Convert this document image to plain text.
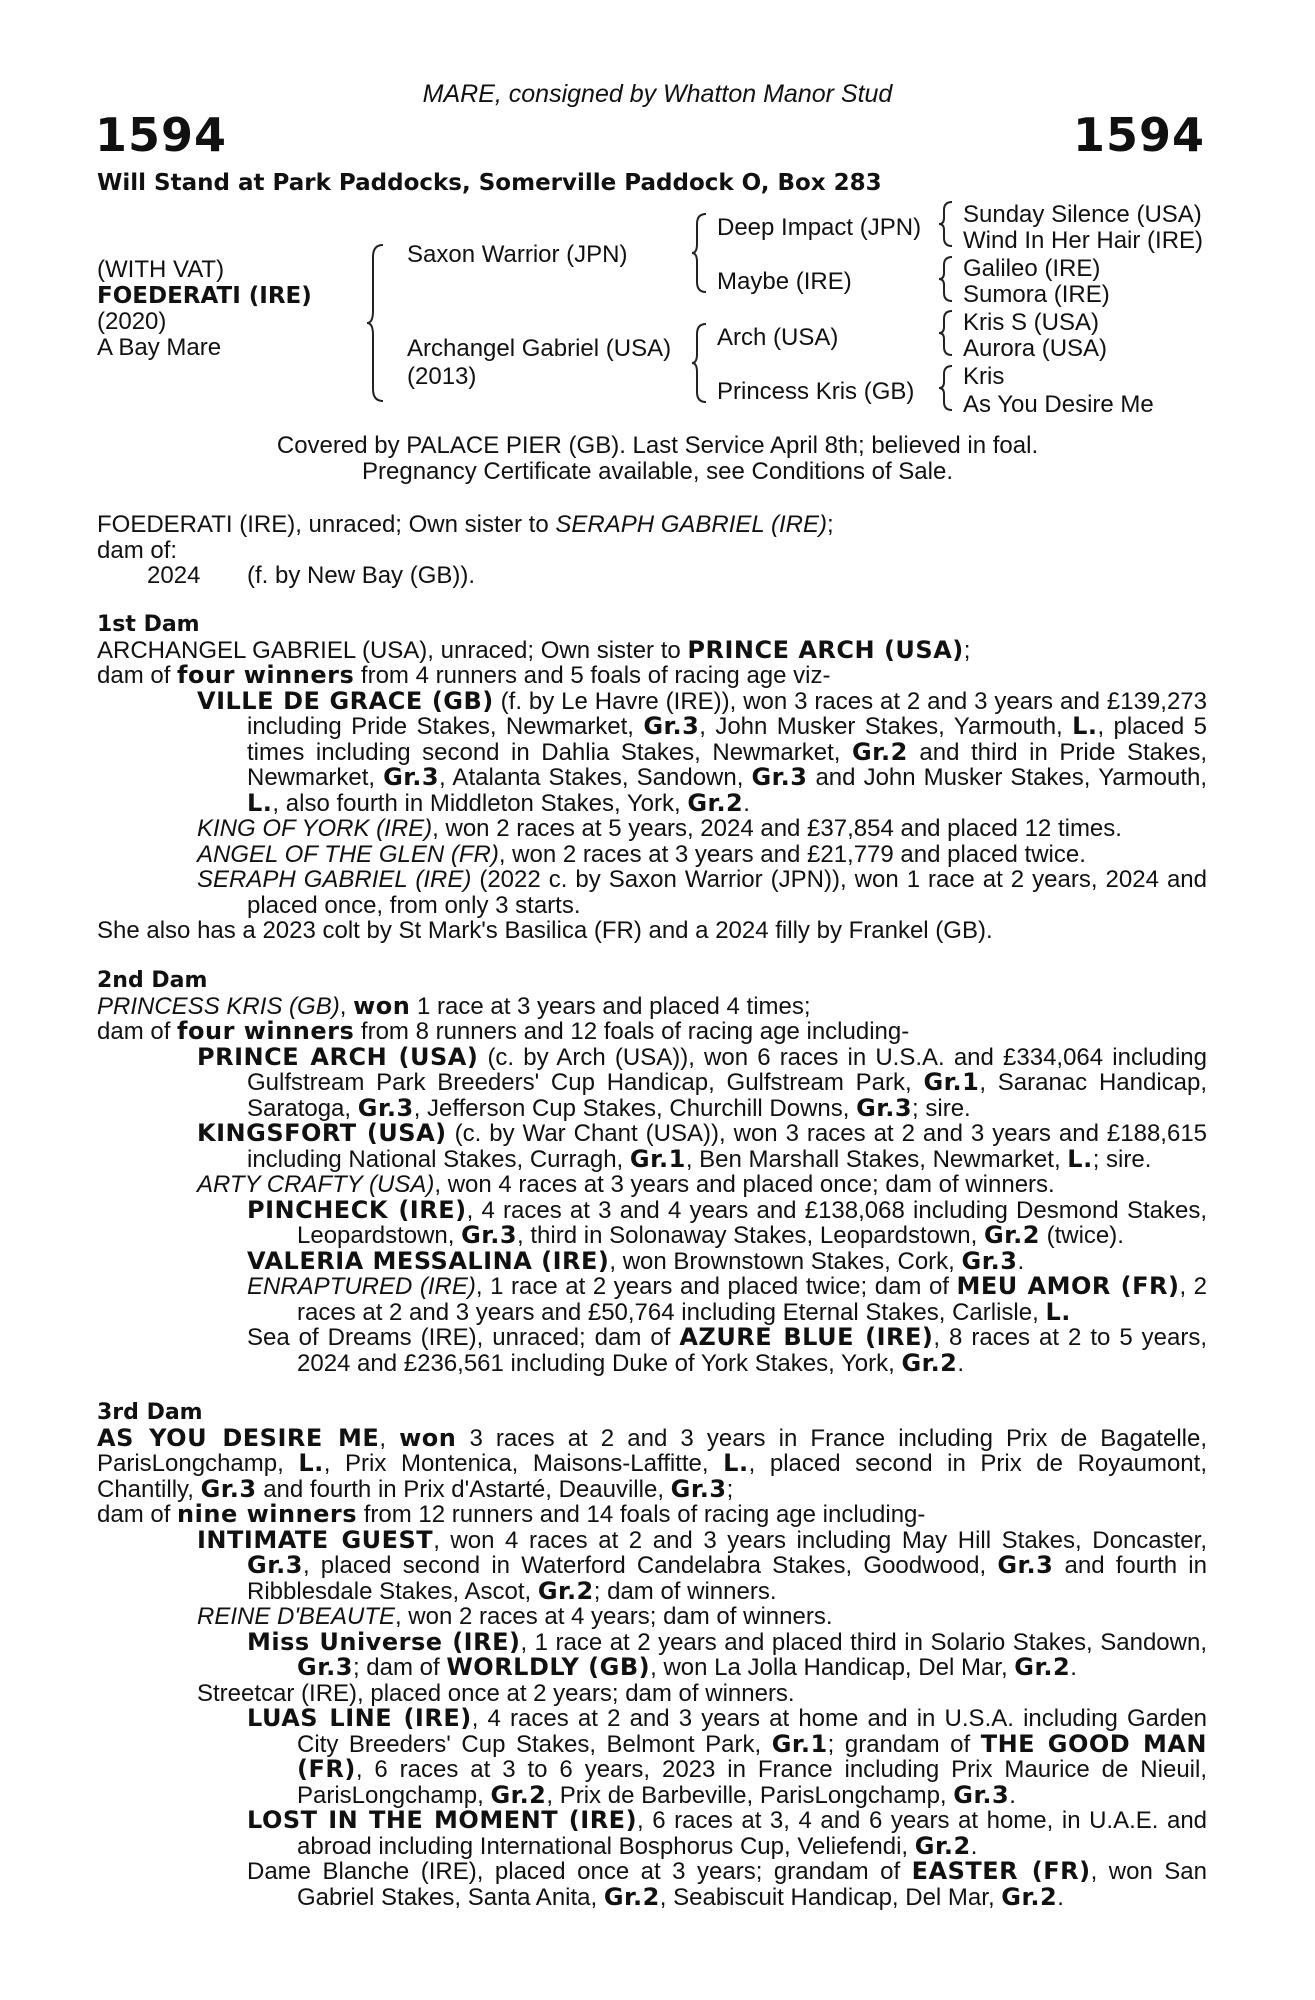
MARE, consigned by Whatton Manor Stud
1594	1594
Will Stand at Park Paddocks, Somerville Paddock O, Box 283
(WITH VAT)
FOEDERATI (IRE)
(2020)
A Bay Mare
Saxon Warrior (JPN)
Archangel Gabriel (USA)
(2013)
Deep Impact (JPN)
Maybe (IRE)
Arch (USA)
Princess Kris (GB)
Sunday Silence (USA)
Wind In Her Hair (IRE)
Galileo (IRE)
Sumora (IRE)
Kris S (USA)
Aurora (USA)
Kris
As You Desire Me
Covered by PALACE PIER (GB). Last Service April 8th; believed in foal.
Pregnancy Certificate available, see Conditions of Sale.

FOEDERATI (IRE), unraced; Own sister to SERAPH GABRIEL (IRE);

dam of:

2024 (f. by New Bay (GB)).

1st Dam

ARCHANGEL GABRIEL (USA), unraced; Own sister to PRINCE ARCH (USA);

dam of four winners from 4 runners and 5 foals of racing age viz-

VILLE DE GRACE (GB) (f. by Le Havre (IRE)), won 3 races at 2 and 3 years and £139,273 including Pride Stakes, Newmarket, Gr.3, John Musker Stakes, Yarmouth, L., placed 5 times including second in Dahlia Stakes, Newmarket, Gr.2 and third in Pride Stakes, Newmarket, Gr.3, Atalanta Stakes, Sandown, Gr.3 and John Musker Stakes, Yarmouth, L., also fourth in Middleton Stakes, York, Gr.2.

KING OF YORK (IRE), won 2 races at 5 years, 2024 and £37,854 and placed 12 times.

ANGEL OF THE GLEN (FR), won 2 races at 3 years and £21,779 and placed twice.

SERAPH GABRIEL (IRE) (2022 c. by Saxon Warrior (JPN)), won 1 race at 2 years, 2024 and placed once, from only 3 starts.

She also has a 2023 colt by St Mark's Basilica (FR) and a 2024 filly by Frankel (GB).

2nd Dam

PRINCESS KRIS (GB), won 1 race at 3 years and placed 4 times;

dam of four winners from 8 runners and 12 foals of racing age including-

PRINCE ARCH (USA) (c. by Arch (USA)), won 6 races in U.S.A. and £334,064 including Gulfstream Park Breeders' Cup Handicap, Gulfstream Park, Gr.1, Saranac Handicap, Saratoga, Gr.3, Jefferson Cup Stakes, Churchill Downs, Gr.3; sire.

KINGSFORT (USA) (c. by War Chant (USA)), won 3 races at 2 and 3 years and £188,615 including National Stakes, Curragh, Gr.1, Ben Marshall Stakes, Newmarket, L.; sire.

ARTY CRAFTY (USA), won 4 races at 3 years and placed once; dam of winners.

PINCHECK (IRE), 4 races at 3 and 4 years and £138,068 including Desmond Stakes, Leopardstown, Gr.3, third in Solonaway Stakes, Leopardstown, Gr.2 (twice).

VALERIA MESSALINA (IRE), won Brownstown Stakes, Cork, Gr.3.

ENRAPTURED (IRE), 1 race at 2 years and placed twice; dam of MEU AMOR (FR), 2 races at 2 and 3 years and £50,764 including Eternal Stakes, Carlisle, L.

Sea of Dreams (IRE), unraced; dam of AZURE BLUE (IRE), 8 races at 2 to 5 years, 2024 and £236,561 including Duke of York Stakes, York, Gr.2.

3rd Dam

AS YOU DESIRE ME, won 3 races at 2 and 3 years in France including Prix de Bagatelle, ParisLongchamp, L., Prix Montenica, Maisons-Laffitte, L., placed second in Prix de Royaumont, Chantilly, Gr.3 and fourth in Prix d'Astarté, Deauville, Gr.3;

dam of nine winners from 12 runners and 14 foals of racing age including-

INTIMATE GUEST, won 4 races at 2 and 3 years including May Hill Stakes, Doncaster, Gr.3, placed second in Waterford Candelabra Stakes, Goodwood, Gr.3 and fourth in Ribblesdale Stakes, Ascot, Gr.2; dam of winners.

REINE D'BEAUTE, won 2 races at 4 years; dam of winners.

Miss Universe (IRE), 1 race at 2 years and placed third in Solario Stakes, Sandown, Gr.3; dam of WORLDLY (GB), won La Jolla Handicap, Del Mar, Gr.2.

Streetcar (IRE), placed once at 2 years; dam of winners.

LUAS LINE (IRE), 4 races at 2 and 3 years at home and in U.S.A. including Garden City Breeders' Cup Stakes, Belmont Park, Gr.1; grandam of THE GOOD MAN (FR), 6 races at 3 to 6 years, 2023 in France including Prix Maurice de Nieuil, ParisLongchamp, Gr.2, Prix de Barbeville, ParisLongchamp, Gr.3.

LOST IN THE MOMENT (IRE), 6 races at 3, 4 and 6 years at home, in U.A.E. and abroad including International Bosphorus Cup, Veliefendi, Gr.2.

Dame Blanche (IRE), placed once at 3 years; grandam of EASTER (FR), won San Gabriel Stakes, Santa Anita, Gr.2, Seabiscuit Handicap, Del Mar, Gr.2.
